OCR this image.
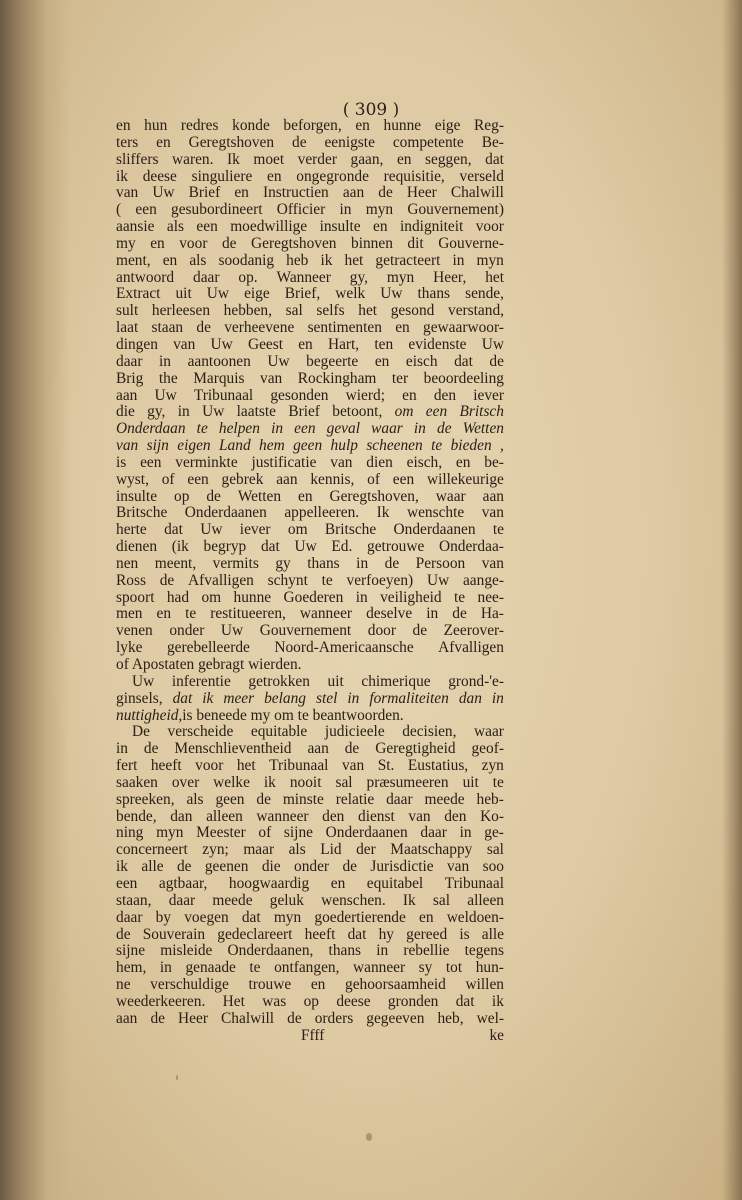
( 309 )
en hun redres konde beforgen, en hunne eige Reg-
ters en Geregtshoven de eenigste competente Be-
sliffers waren. Ik moet verder gaan, en seggen, dat
ik deese singuliere en ongegronde requisitie, verseld
van Uw Brief en Instructien aan de Heer Chalwill
( een gesubordineert Officier in myn Gouvernement)
aansie als een moedwillige insulte en indigniteit voor
my en voor de Geregtshoven binnen dit Gouverne-
ment, en als soodanig heb ik het getracteert in myn
antwoord daar op. Wanneer gy, myn Heer, het
Extract uit Uw eige Brief, welk Uw thans sende,
sult herleesen hebben, sal selfs het gesond verstand,
laat staan de verheevene sentimenten en gewaarwoor-
dingen van Uw Geest en Hart, ten evidenste Uw
daar in aantoonen Uw begeerte en eisch dat de
Brig the Marquis van Rockingham ter beoordeeling
aan Uw Tribunaal gesonden wierd; en den iever
die gy, in Uw laatste Brief betoont, om een Britsch
Onderdaan te helpen in een geval waar in de Wetten
van sijn eigen Land hem geen hulp scheenen te bieden ,
is een verminkte justificatie van dien eisch, en be-
wyst, of een gebrek aan kennis, of een willekeurige
insulte op de Wetten en Geregtshoven, waar aan
Britsche Onderdaanen appelleeren. Ik wenschte van
herte dat Uw iever om Britsche Onderdaanen te
dienen (ik begryp dat Uw Ed. getrouwe Onderdaa-
nen meent, vermits gy thans in de Persoon van
Ross de Afvalligen schynt te verfoeyen) Uw aange-
spoort had om hunne Goederen in veiligheid te nee-
men en te restitueeren, wanneer deselve in de Ha-
venen onder Uw Gouvernement door de Zeerover-
lyke gerebelleerde Noord-Americaansche Afvalligen
of Apostaten gebragt wierden.
Uw inferentie getrokken uit chimerique grond-'e-
ginsels, dat ik meer belang stel in formaliteiten dan in
nuttigheid, is beneede my om te beantwoorden.
De verscheide equitable judicieele decisien, waar
in de Menschlieventheid aan de Geregtigheid geof-
fert heeft voor het Tribunaal van St. Eustatius, zyn
saaken over welke ik nooit sal præsumeeren uit te
spreeken, als geen de minste relatie daar meede heb-
bende, dan alleen wanneer den dienst van den Ko-
ning myn Meester of sijne Onderdaanen daar in ge-
concerneert zyn; maar als Lid der Maatschappy sal
ik alle de geenen die onder de Jurisdictie van soo
een agtbaar, hoogwaardig en equitabel Tribunaal
staan, daar meede geluk wenschen. Ik sal alleen
daar by voegen dat myn goedertierende en weldoen-
de Souverain gedeclareert heeft dat hy gereed is alle
sijne misleide Onderdaanen, thans in rebellie tegens
hem, in genaade te ontfangen, wanneer sy tot hun-
ne verschuldige trouwe en gehoorsaamheid willen
weederkeeren. Het was op deese gronden dat ik
aan de Heer Chalwill de orders gegeeven heb, wel-
Ffff	ke
